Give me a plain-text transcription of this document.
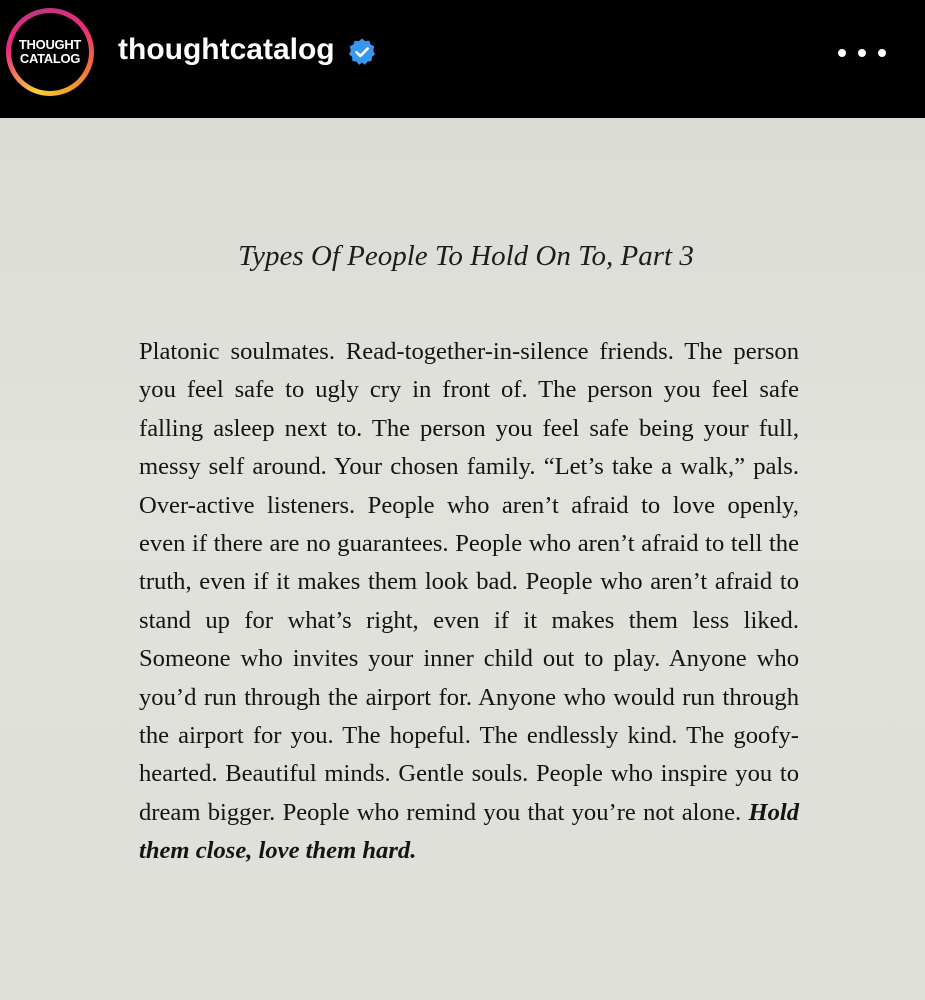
THOUGHT
CATALOG thoughtcatalog
Types Of People To Hold On To, Part 3
Platonic soulmates. Read-together-in-silence friends. The person you feel safe to ugly cry in front of. The person you feel safe falling asleep next to. The person you feel safe being your full, messy self around. Your chosen family. “Let’s take a walk,” pals. Over-active listeners. People who aren’t afraid to love openly, even if there are no guarantees. People who aren’t afraid to tell the truth, even if it makes them look bad. People who aren’t afraid to stand up for what’s right, even if it makes them less liked. Someone who invites your inner child out to play. Anyone who you’d run through the airport for. Anyone who would run through the airport for you. The hopeful. The endlessly kind. The goofy-hearted. Beautiful minds. Gentle souls. People who inspire you to dream bigger. People who remind you that you’re not alone. Hold them close, love them hard.
